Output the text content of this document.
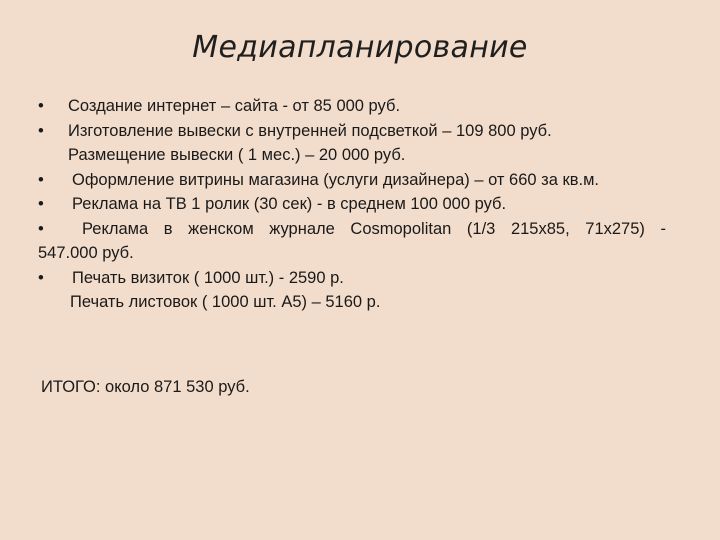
Медиапланирование
• Создание интернет – сайта - от 85 000 руб.
• Изготовление вывески с внутренней подсветкой – 109 800 руб.
Размещение вывески ( 1 мес.) – 20 000 руб.
• Оформление витрины магазина (услуги дизайнера) – от 660 за кв.м.
• Реклама на ТВ 1 ролик (30 сек) - в среднем 100 000 руб.
• Реклама в женском журнале Cosmopolitan (1/3 215х85, 71х275) -
547.000 руб.
• Печать визиток ( 1000 шт.) - 2590 р.
Печать листовок ( 1000 шт. А5) – 5160 р.
ИТОГО: около 871 530 руб.
